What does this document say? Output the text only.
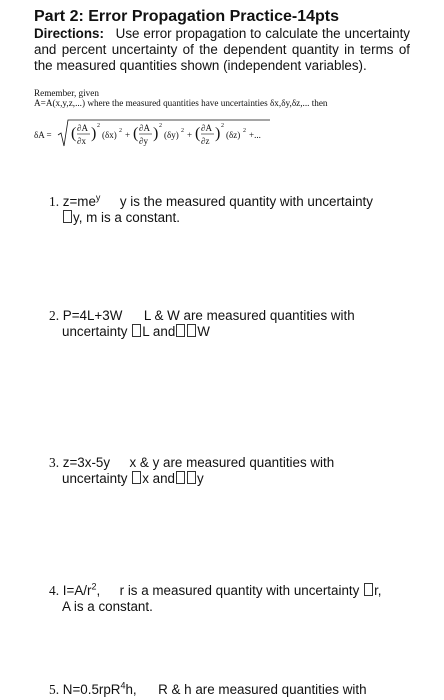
Part 2: Error Propagation Practice-14pts
Directions: Use error propagation to calculate the uncertainty and percent uncertainty of the dependent quantity in terms of the measured quantities shown (independent variables).
Remember, given
A=A(x,y,z,...) where the measured quantities have uncertainties δx,δy,δz,... then
δA = ( ∂A
∂x ) 2
(δx) 2 + ( ∂A
∂y ) 2
(δy) 2 + ( ∂A
∂z ) 2
(δz) 2 +...
1. $z=me^y$ y is the measured quantity with uncertainty
y, m is a constant.
2. P=4L+3W L & W are measured quantities with
uncertainty L and W
3. z=3x-5y x & y are measured quantities with
uncertainty x and y
4. $I=A/r^2$, r is a measured quantity with uncertainty r,
A is a constant.
5. N=0.5rpR$^4$h, R & h are measured quantities with
